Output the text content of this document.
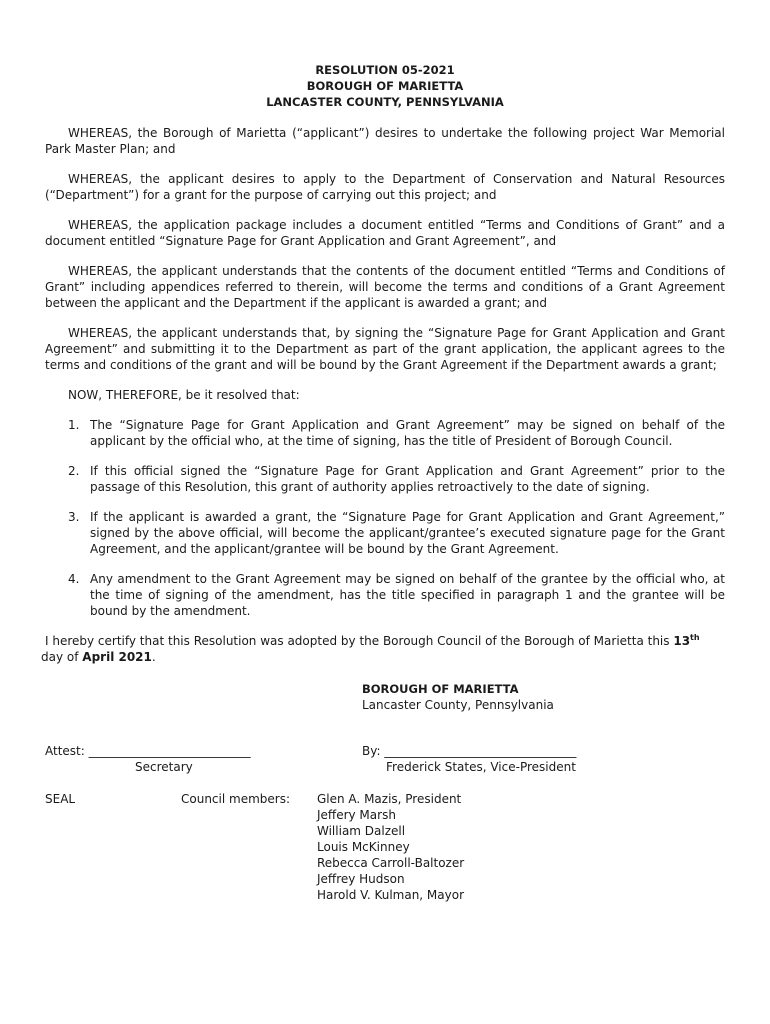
RESOLUTION 05-2021
BOROUGH OF MARIETTA
LANCASTER COUNTY, PENNSYLVANIA

WHEREAS, the Borough of Marietta (“applicant”) desires to undertake the following project War Memorial Park Master Plan; and

WHEREAS, the applicant desires to apply to the Department of Conservation and Natural Resources (“Department”) for a grant for the purpose of carrying out this project; and

WHEREAS, the application package includes a document entitled “Terms and Conditions of Grant” and a document entitled “Signature Page for Grant Application and Grant Agreement”, and

WHEREAS, the applicant understands that the contents of the document entitled “Terms and Conditions of Grant” including appendices referred to therein, will become the terms and conditions of a Grant Agreement between the applicant and the Department if the applicant is awarded a grant; and

WHEREAS, the applicant understands that, by signing the “Signature Page for Grant Application and Grant Agreement” and submitting it to the Department as part of the grant application, the applicant agrees to the terms and conditions of the grant and will be bound by the Grant Agreement if the Department awards a grant;

NOW, THEREFORE, be it resolved that:

1. The “Signature Page for Grant Application and Grant Agreement” may be signed on behalf of the applicant by the official who, at the time of signing, has the title of President of Borough Council.
2. If this official signed the “Signature Page for Grant Application and Grant Agreement” prior to the passage of this Resolution, this grant of authority applies retroactively to the date of signing.
3. If the applicant is awarded a grant, the “Signature Page for Grant Application and Grant Agreement,” signed by the above official, will become the applicant/grantee’s executed signature page for the Grant Agreement, and the applicant/grantee will be bound by the Grant Agreement.
4. Any amendment to the Grant Agreement may be signed on behalf of the grantee by the official who, at the time of signing of the amendment, has the title specified in paragraph 1 and the grantee will be bound by the amendment.

I hereby certify that this Resolution was adopted by the Borough Council of the Borough of Marietta this 13th
day of April 2021.

BOROUGH OF MARIETTA
Lancaster County, Pennsylvania
Attest: ___________________________
Secretary
By: ________________________________
Frederick States, Vice-President
SEAL	Council members: Glen A. Mazis, President
Jeffery Marsh
William Dalzell
Louis McKinney
Rebecca Carroll-Baltozer
Jeffrey Hudson
Harold V. Kulman, Mayor
